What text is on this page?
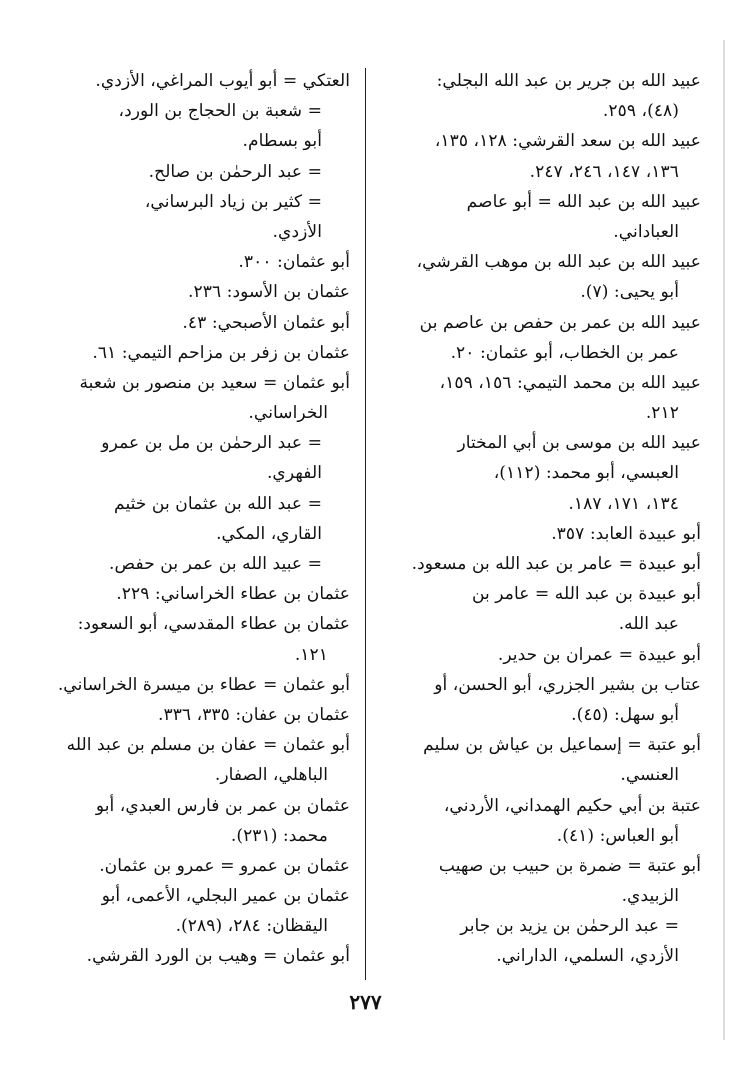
عبيد الله بن جرير بن عبد الله البجلي:
(٤٨)، ٢٥٩.
عبيد الله بن سعد القرشي: ١٢٨، ١٣٥،
١٣٦، ١٤٧، ٢٤٦، ٢٤٧.
عبيد الله بن عبد الله = أبو عاصم
العباداني.
عبيد الله بن عبد الله بن موهب القرشي،
أبو يحيى: (٧).
عبيد الله بن عمر بن حفص بن عاصم بن
عمر بن الخطاب، أبو عثمان: ٢٠.
عبيد الله بن محمد التيمي: ١٥٦، ١٥٩،
٢١٢.
عبيد الله بن موسى بن أبي المختار
العبسي، أبو محمد: (١١٢)،
١٣٤، ١٧١، ١٨٧.
أبو عبيدة العابد: ٣٥٧.
أبو عبيدة = عامر بن عبد الله بن مسعود.
أبو عبيدة بن عبد الله = عامر بن
عبد الله.
أبو عبيدة = عمران بن حدير.
عتاب بن بشير الجزري، أبو الحسن، أو
أبو سهل: (٤٥).
أبو عتبة = إسماعيل بن عياش بن سليم
العنسي.
عتبة بن أبي حكيم الهمداني، الأردني،
أبو العباس: (٤١).
أبو عتبة = ضمرة بن حبيب بن صهيب
الزبيدي.
= عبد الرحمٰن بن يزيد بن جابر
الأزدي، السلمي، الداراني.
العتكي = أبو أيوب المراغي، الأزدي.
= شعبة بن الحجاج بن الورد،
أبو بسطام.
= عبد الرحمٰن بن صالح.
= كثير بن زياد البرساني،
الأزدي.
أبو عثمان: ٣٠٠.
عثمان بن الأسود: ٢٣٦.
أبو عثمان الأصبحي: ٤٣.
عثمان بن زفر بن مزاحم التيمي: ٦١.
أبو عثمان = سعيد بن منصور بن شعبة
الخراساني.
= عبد الرحمٰن بن مل بن عمرو
الفهري.
= عبد الله بن عثمان بن خثيم
القاري، المكي.
= عبيد الله بن عمر بن حفص.
عثمان بن عطاء الخراساني: ٢٢٩.
عثمان بن عطاء المقدسي، أبو السعود:
١٢١.
أبو عثمان = عطاء بن ميسرة الخراساني.
عثمان بن عفان: ٣٣٥، ٣٣٦.
أبو عثمان = عفان بن مسلم بن عبد الله
الباهلي، الصفار.
عثمان بن عمر بن فارس العبدي، أبو
محمد: (٢٣١).
عثمان بن عمرو = عمرو بن عثمان.
عثمان بن عمير البجلي، الأعمى، أبو
اليقظان: ٢٨٤، (٢٨٩).
أبو عثمان = وهيب بن الورد القرشي.
٢٧٧
